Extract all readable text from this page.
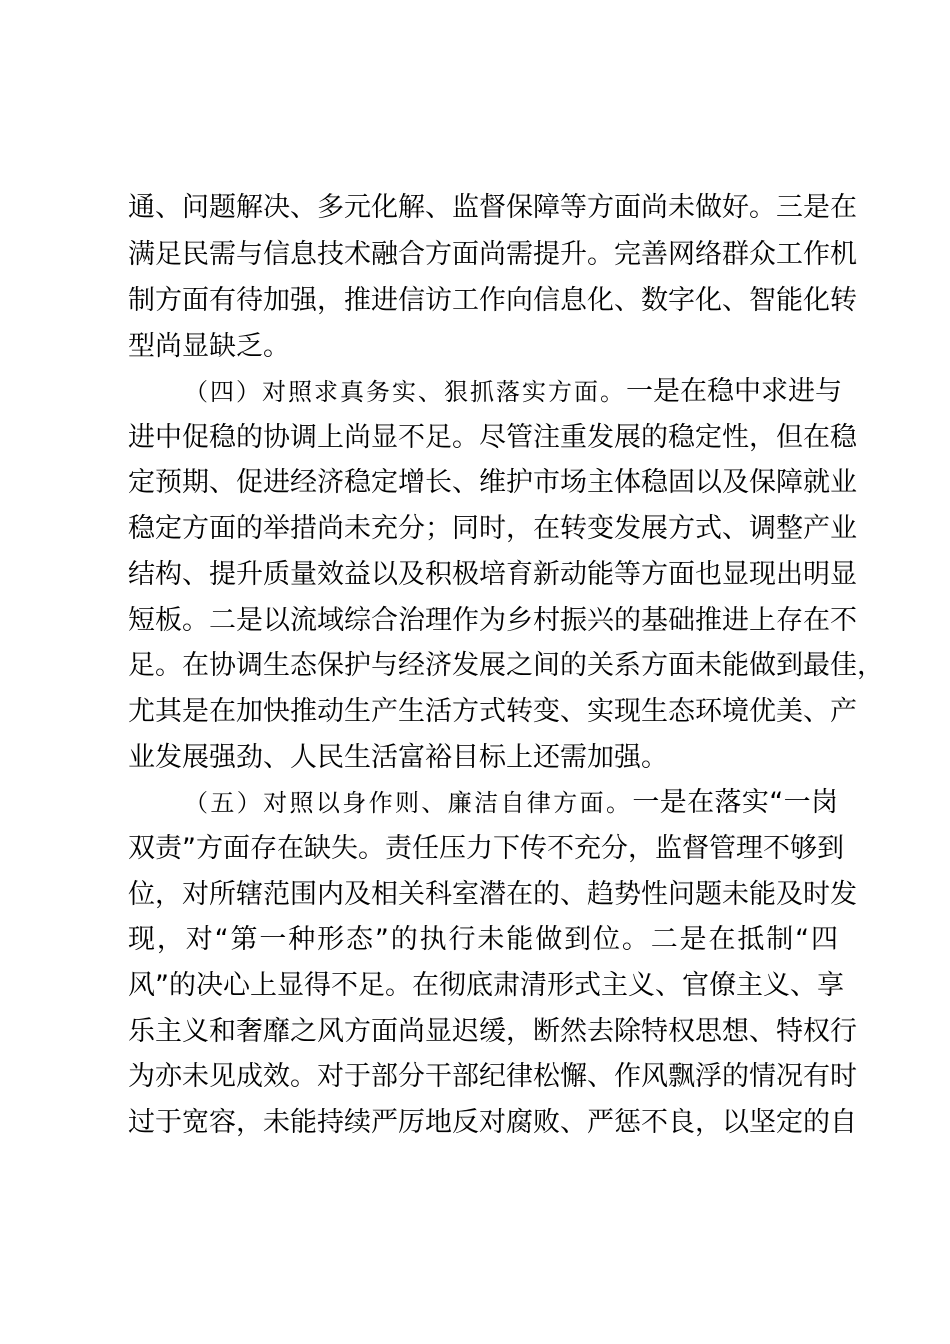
通、问题解决、多元化解、监督保障等方面尚未做好。三是在
满足民需与信息技术融合方面尚需提升。完善网络群众工作机
制方面有待加强，推进信访工作向信息化、数字化、智能化转
型尚显缺乏。
（四）对照求真务实、狠抓落实方面。一是在稳中求进与
进中促稳的协调上尚显不足。尽管注重发展的稳定性，但在稳
定预期、促进经济稳定增长、维护市场主体稳固以及保障就业
稳定方面的举措尚未充分；同时，在转变发展方式、调整产业
结构、提升质量效益以及积极培育新动能等方面也显现出明显
短板。二是以流域综合治理作为乡村振兴的基础推进上存在不
足。在协调生态保护与经济发展之间的关系方面未能做到最佳，
尤其是在加快推动生产生活方式转变、实现生态环境优美、产
业发展强劲、人民生活富裕目标上还需加强。
（五）对照以身作则、廉洁自律方面。一是在落实“一岗
双责”方面存在缺失。责任压力下传不充分，监督管理不够到
位，对所辖范围内及相关科室潜在的、趋势性问题未能及时发
现，对“第一种形态”的执行未能做到位。二是在抵制“四
风”的决心上显得不足。在彻底肃清形式主义、官僚主义、享
乐主义和奢靡之风方面尚显迟缓，断然去除特权思想、特权行
为亦未见成效。对于部分干部纪律松懈、作风飘浮的情况有时
过于宽容，未能持续严厉地反对腐败、严惩不良，以坚定的自
